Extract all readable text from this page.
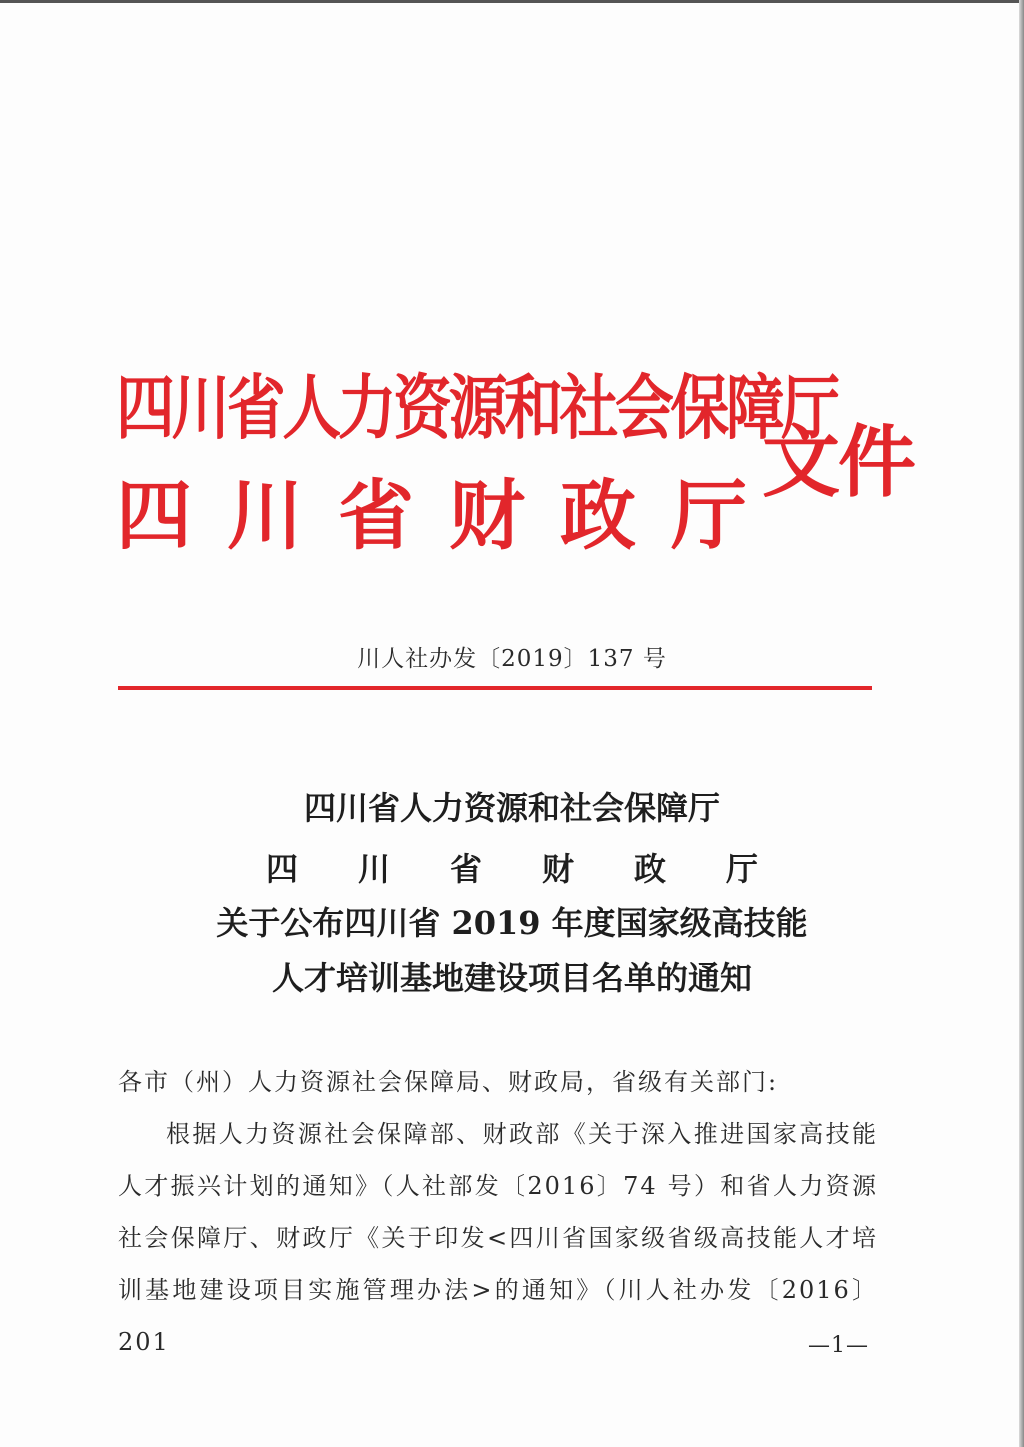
四川省人力资源和社会保障厅
四川省财政厅
文件
川人社办发〔2019〕137 号
四川省人力资源和社会保障厅
四川省财政厅
关于公布四川省 2019 年度国家级高技能
人才培训基地建设项目名单的通知
各市（州）人力资源社会保障局、财政局，省级有关部门:
根据人力资源社会保障部、财政部《关于深入推进国家高技能人才振兴计划的通知》（人社部发〔2016〕74 号）和省人力资源社会保障厅、财政厅《关于印发<四川省国家级省级高技能人才培训基地建设项目实施管理办法>的通知》（川人社办发〔2016〕201	—1—
